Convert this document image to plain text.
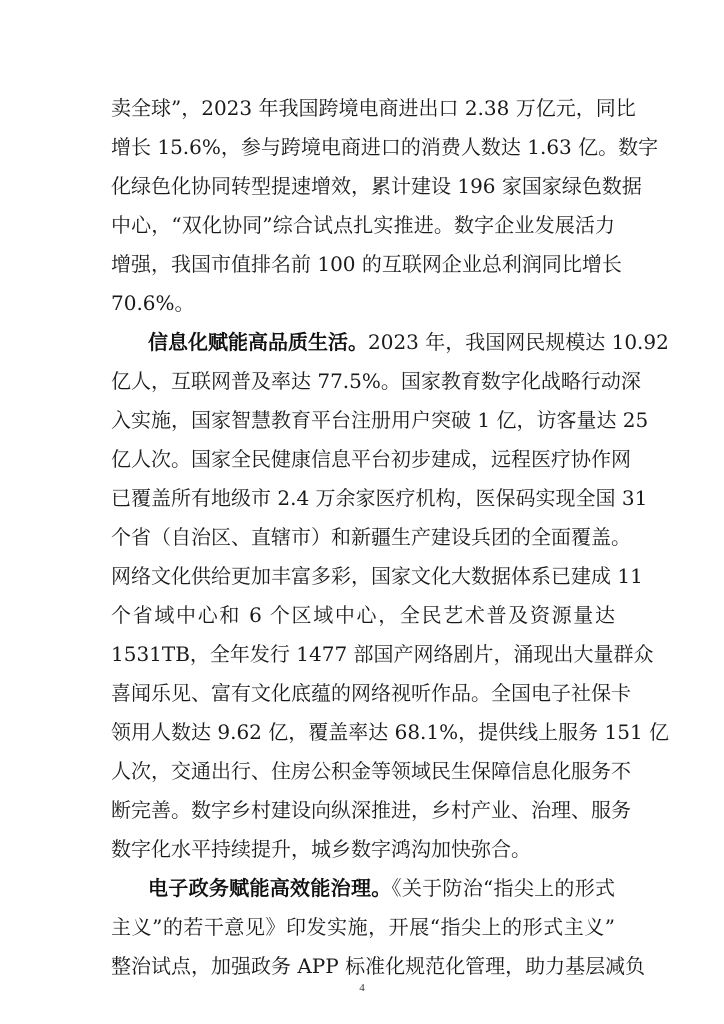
卖全球”，2023 年我国跨境电商进出口 2.38 万亿元，同比
增长 15.6%，参与跨境电商进口的消费人数达 1.63 亿。数字
化绿色化协同转型提速增效，累计建设 196 家国家绿色数据
中心，“双化协同”综合试点扎实推进。数字企业发展活力
增强，我国市值排名前 100 的互联网企业总利润同比增长
70.6%。
信息化赋能高品质生活。2023 年，我国网民规模达 10.92
亿人，互联网普及率达 77.5%。国家教育数字化战略行动深
入实施，国家智慧教育平台注册用户突破 1 亿，访客量达 25
亿人次。国家全民健康信息平台初步建成，远程医疗协作网
已覆盖所有地级市 2.4 万余家医疗机构，医保码实现全国 31
个省（自治区、直辖市）和新疆生产建设兵团的全面覆盖。
网络文化供给更加丰富多彩，国家文化大数据体系已建成 11
个省域中心和 6 个区域中心，全民艺术普及资源量达
1531TB，全年发行 1477 部国产网络剧片，涌现出大量群众
喜闻乐见、富有文化底蕴的网络视听作品。全国电子社保卡
领用人数达 9.62 亿，覆盖率达 68.1%，提供线上服务 151 亿
人次，交通出行、住房公积金等领域民生保障信息化服务不
断完善。数字乡村建设向纵深推进，乡村产业、治理、服务
数字化水平持续提升，城乡数字鸿沟加快弥合。
电子政务赋能高效能治理。《关于防治“指尖上的形式
主义”的若干意见》印发实施，开展“指尖上的形式主义”
整治试点，加强政务 APP 标准化规范化管理，助力基层减负
4
